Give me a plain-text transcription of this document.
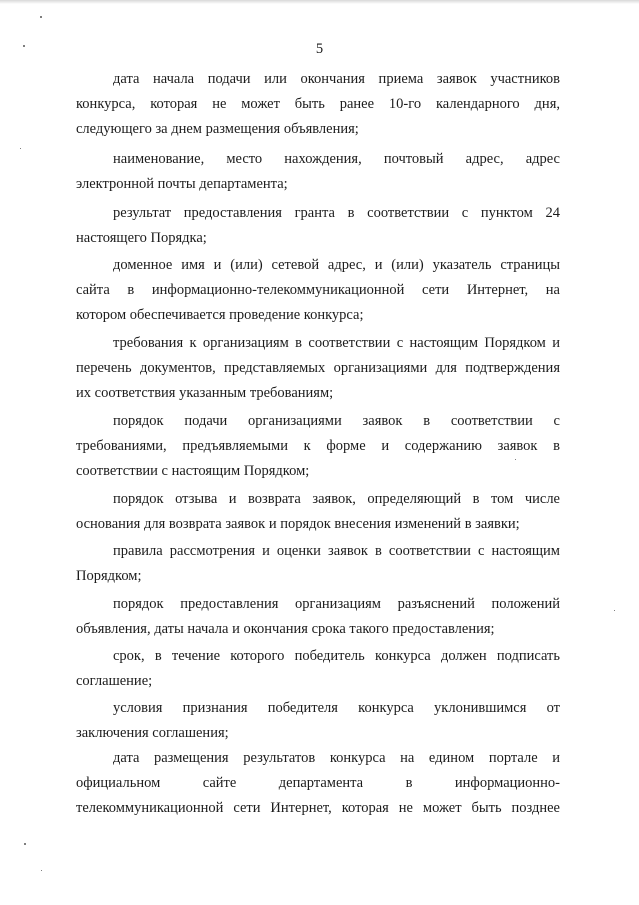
5
дата начала подачи или окончания приема заявок участников
конкурса, которая не может быть ранее 10-го календарного дня,
следующего за днем размещения объявления;
наименование, место нахождения, почтовый адрес, адрес
электронной почты департамента;
результат предоставления гранта в соответствии с пунктом 24
настоящего Порядка;
доменное имя и (или) сетевой адрес, и (или) указатель страницы
сайта в информационно-телекоммуникационной сети Интернет, на
котором обеспечивается проведение конкурса;
требования к организациям в соответствии с настоящим Порядком и
перечень документов, представляемых организациями для подтверждения
их соответствия указанным требованиям;
порядок подачи организациями заявок в соответствии с
требованиями, предъявляемыми к форме и содержанию заявок в
соответствии с настоящим Порядком;
порядок отзыва и возврата заявок, определяющий в том числе
основания для возврата заявок и порядок внесения изменений в заявки;
правила рассмотрения и оценки заявок в соответствии с настоящим
Порядком;
порядок предоставления организациям разъяснений положений
объявления, даты начала и окончания срока такого предоставления;
срок, в течение которого победитель конкурса должен подписать
соглашение;
условия признания победителя конкурса уклонившимся от
заключения соглашения;
дата размещения результатов конкурса на едином портале и
официальном сайте департамента в информационно-
телекоммуникационной сети Интернет, которая не может быть позднее
